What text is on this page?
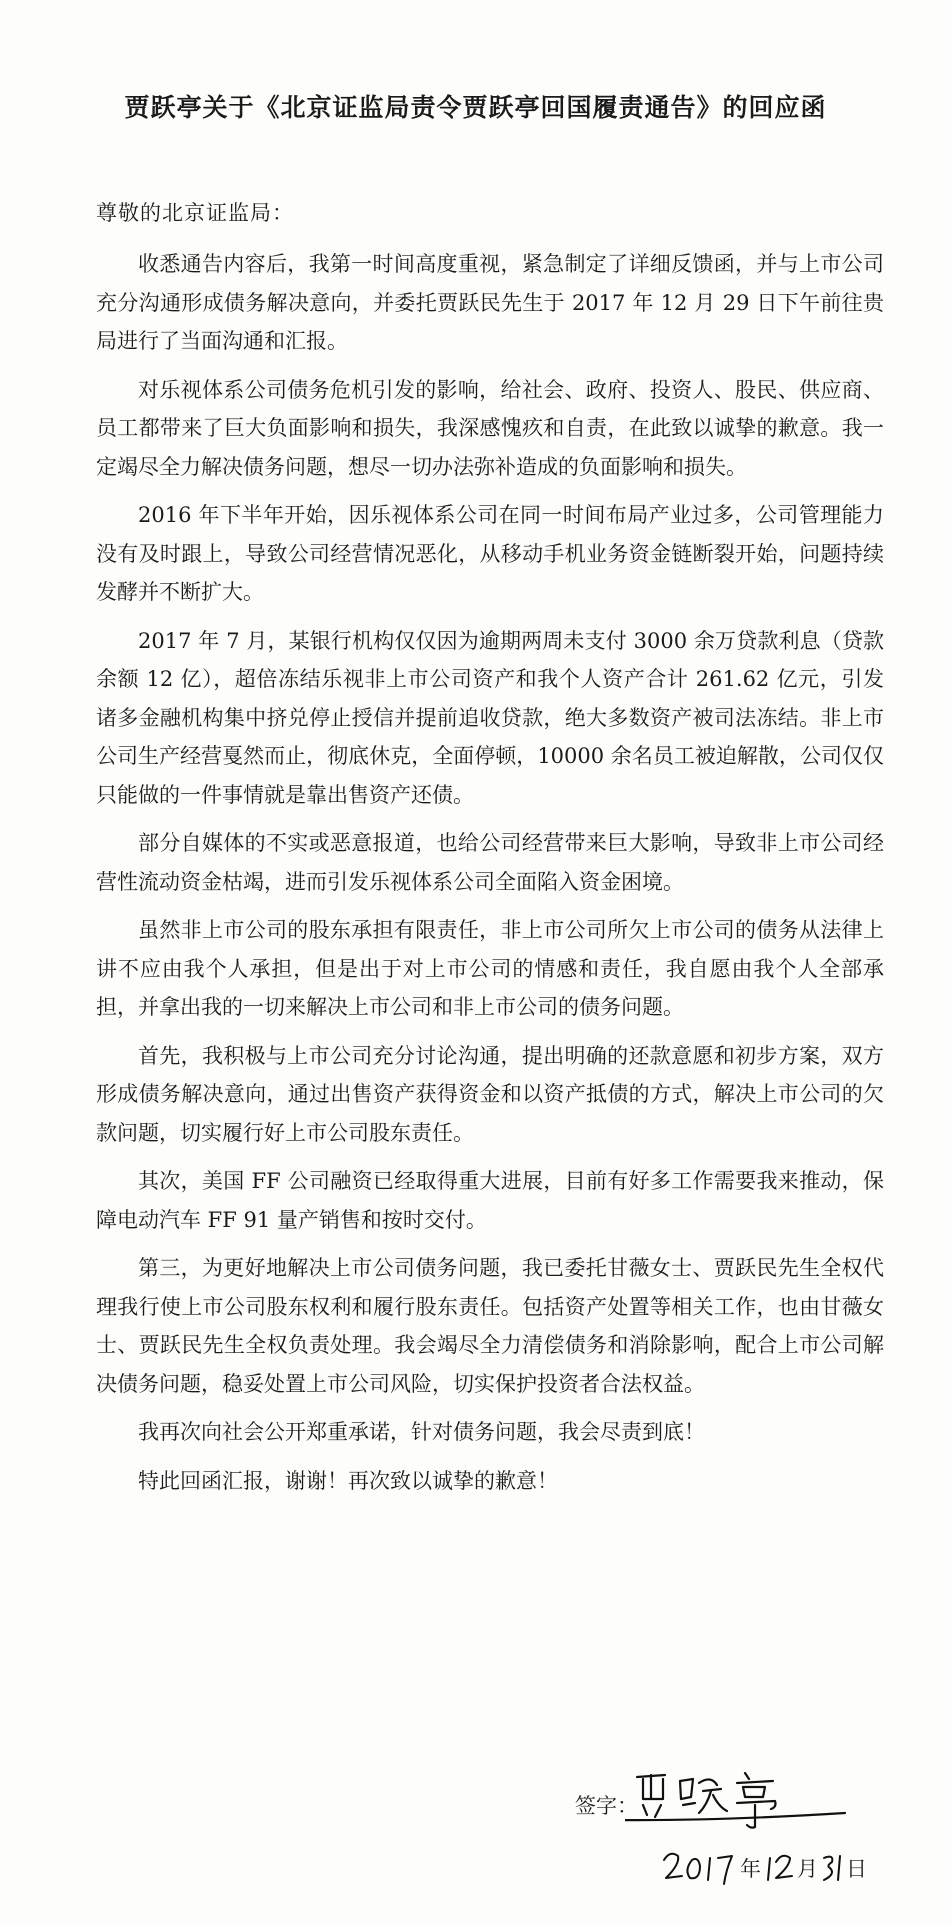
贾跃亭关于《北京证监局责令贾跃亭回国履责通告》的回应函
尊敬的北京证监局：

收悉通告内容后，我第一时间高度重视，紧急制定了详细反馈函，并与上市公司充分沟通形成债务解决意向，并委托贾跃民先生于 2017 年 12 月 29 日下午前往贵局进行了当面沟通和汇报。

对乐视体系公司债务危机引发的影响，给社会、政府、投资人、股民、供应商、员工都带来了巨大负面影响和损失，我深感愧疚和自责，在此致以诚挚的歉意。我一定竭尽全力解决债务问题，想尽一切办法弥补造成的负面影响和损失。

2016 年下半年开始，因乐视体系公司在同一时间布局产业过多，公司管理能力没有及时跟上，导致公司经营情况恶化，从移动手机业务资金链断裂开始，问题持续发酵并不断扩大。

2017 年 7 月，某银行机构仅仅因为逾期两周未支付 3000 余万贷款利息（贷款余额 12 亿），超倍冻结乐视非上市公司资产和我个人资产合计 261.62 亿元，引发诸多金融机构集中挤兑停止授信并提前追收贷款，绝大多数资产被司法冻结。非上市公司生产经营戛然而止，彻底休克，全面停顿，10000 余名员工被迫解散，公司仅仅只能做的一件事情就是靠出售资产还债。

部分自媒体的不实或恶意报道，也给公司经营带来巨大影响，导致非上市公司经营性流动资金枯竭，进而引发乐视体系公司全面陷入资金困境。

虽然非上市公司的股东承担有限责任，非上市公司所欠上市公司的债务从法律上讲不应由我个人承担，但是出于对上市公司的情感和责任，我自愿由我个人全部承担，并拿出我的一切来解决上市公司和非上市公司的债务问题。

首先，我积极与上市公司充分讨论沟通，提出明确的还款意愿和初步方案，双方形成债务解决意向，通过出售资产获得资金和以资产抵债的方式，解决上市公司的欠款问题，切实履行好上市公司股东责任。

其次，美国 FF 公司融资已经取得重大进展，目前有好多工作需要我来推动，保障电动汽车 FF 91 量产销售和按时交付。

第三，为更好地解决上市公司债务问题，我已委托甘薇女士、贾跃民先生全权代理我行使上市公司股东权利和履行股东责任。包括资产处置等相关工作，也由甘薇女士、贾跃民先生全权负责处理。我会竭尽全力清偿债务和消除影响，配合上市公司解决债务问题，稳妥处置上市公司风险，切实保护投资者合法权益。

我再次向社会公开郑重承诺，针对债务问题，我会尽责到底！

特此回函汇报，谢谢！再次致以诚挚的歉意！

签字：
年 月 日
